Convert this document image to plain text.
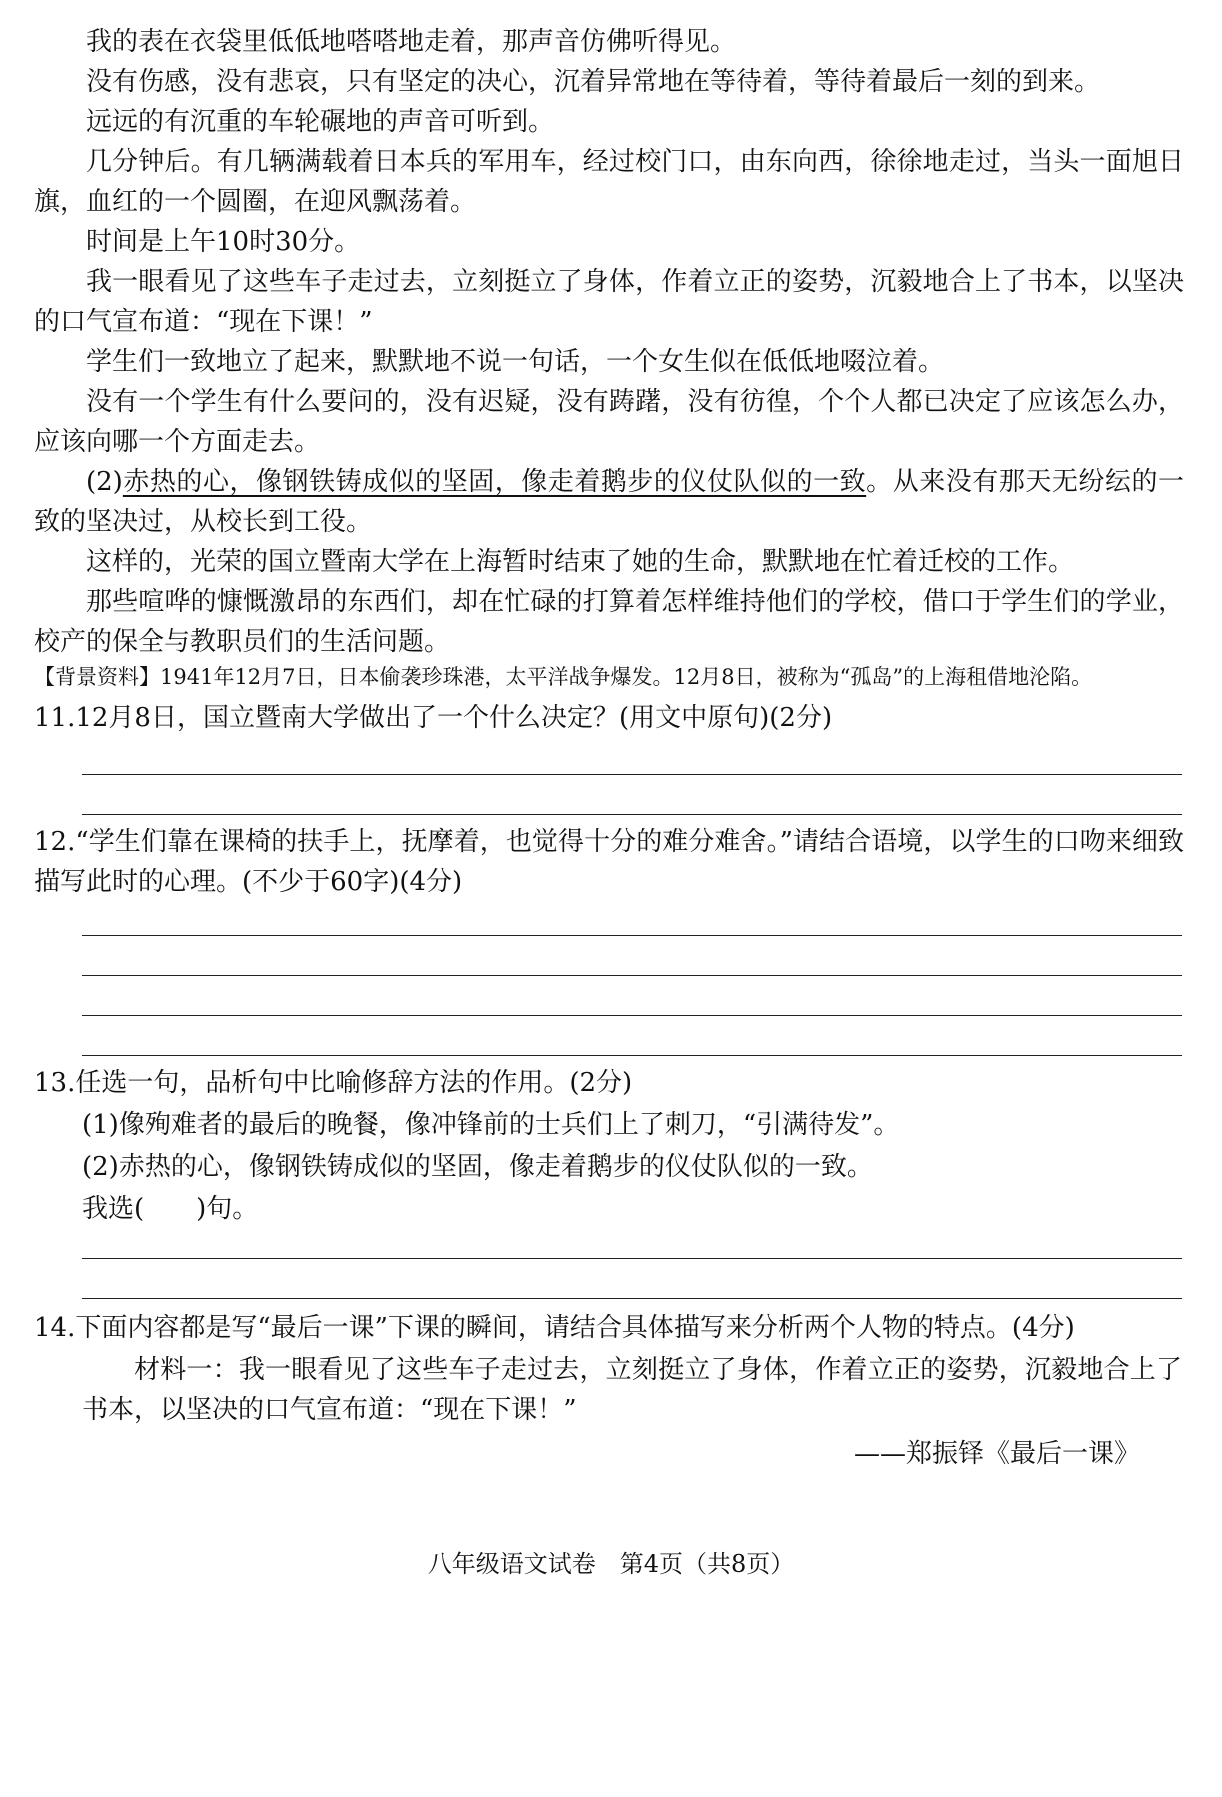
我的表在衣袋里低低地嗒嗒地走着，那声音仿佛听得见。

没有伤感，没有悲哀，只有坚定的决心，沉着异常地在等待着，等待着最后一刻的到来。

远远的有沉重的车轮碾地的声音可听到。

几分钟后。有几辆满载着日本兵的军用车，经过校门口，由东向西，徐徐地走过，当头一面旭日旗，血红的一个圆圈，在迎风飘荡着。

时间是上午10时30分。

我一眼看见了这些车子走过去，立刻挺立了身体，作着立正的姿势，沉毅地合上了书本，以坚决的口气宣布道：“现在下课！”

学生们一致地立了起来，默默地不说一句话，一个女生似在低低地啜泣着。

没有一个学生有什么要问的，没有迟疑，没有踌躇，没有彷徨，个个人都已决定了应该怎么办，应该向哪一个方面走去。

(2)赤热的心，像钢铁铸成似的坚固，像走着鹅步的仪仗队似的一致。从来没有那天无纷纭的一致的坚决过，从校长到工役。

这样的，光荣的国立暨南大学在上海暂时结束了她的生命，默默地在忙着迁校的工作。

那些喧哗的慷慨激昂的东西们，却在忙碌的打算着怎样维持他们的学校，借口于学生们的学业，校产的保全与教职员们的生活问题。

【背景资料】1941年12月7日，日本偷袭珍珠港，太平洋战争爆发。12月8日，被称为“孤岛”的上海租借地沦陷。

11.12月8日，国立暨南大学做出了一个什么决定？(用文中原句)(2分)

12.“学生们靠在课椅的扶手上，抚摩着，也觉得十分的难分难舍。”请结合语境，以学生的口吻来细致描写此时的心理。(不少于60字)(4分)

13.任选一句，品析句中比喻修辞方法的作用。(2分)

(1)像殉难者的最后的晚餐，像冲锋前的士兵们上了刺刀，“引满待发”。

(2)赤热的心，像钢铁铸成似的坚固，像走着鹅步的仪仗队似的一致。

我选(　　)句。

14.下面内容都是写“最后一课”下课的瞬间，请结合具体描写来分析两个人物的特点。(4分)

材料一：我一眼看见了这些车子走过去，立刻挺立了身体，作着立正的姿势，沉毅地合上了书本，以坚决的口气宣布道：“现在下课！”

——郑振铎《最后一课》
八年级语文试卷　第4页（共8页）
